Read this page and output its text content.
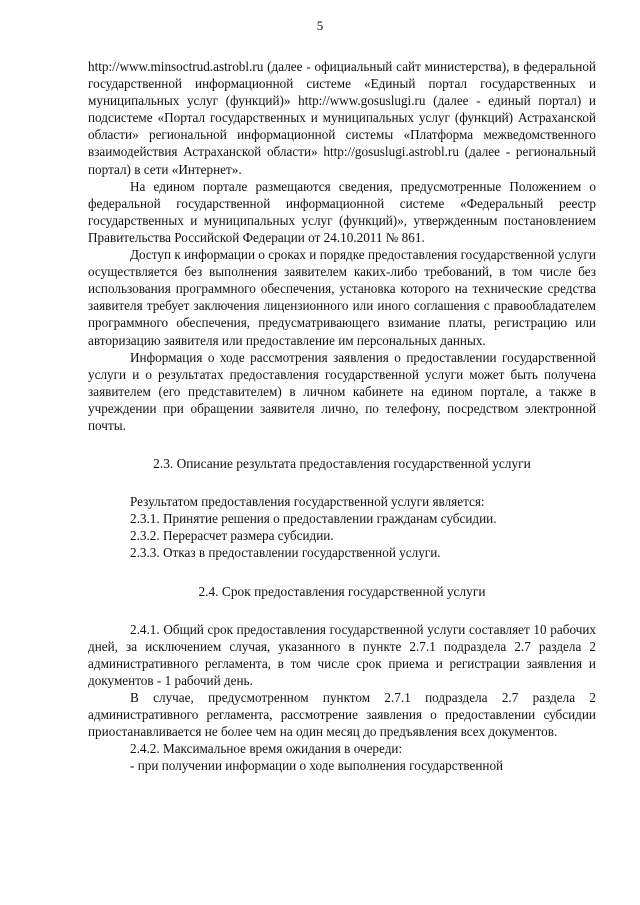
5

http://www.minsoctrud.astrobl.ru (далее - официальный сайт министерства), в федеральной государственной информационной системе «Единый портал государственных и муниципальных услуг (функций)» http://www.gosuslugi.ru (далее - единый портал) и подсистеме «Портал государственных и муниципальных услуг (функций) Астраханской области» региональной информационной системы «Платформа межведомственного взаимодействия Астраханской области» http://gosuslugi.astrobl.ru (далее - региональный портал) в сети «Интернет».

На едином портале размещаются сведения, предусмотренные Положением о федеральной государственной информационной системе «Федеральный реестр государственных и муниципальных услуг (функций)», утвержденным постановлением Правительства Российской Федерации от 24.10.2011 № 861.

Доступ к информации о сроках и порядке предоставления государственной услуги осуществляется без выполнения заявителем каких-либо требований, в том числе без использования программного обеспечения, установка которого на технические средства заявителя требует заключения лицензионного или иного соглашения с правообладателем программного обеспечения, предусматривающего взимание платы, регистрацию или авторизацию заявителя или предоставление им персональных данных.

Информация о ходе рассмотрения заявления о предоставлении государственной услуги и о результатах предоставления государственной услуги может быть получена заявителем (его представителем) в личном кабинете на едином портале, а также в учреждении при обращении заявителя лично, по телефону, посредством электронной почты.

2.3. Описание результата предоставления государственной услуги

Результатом предоставления государственной услуги является:

2.3.1. Принятие решения о предоставлении гражданам субсидии.

2.3.2. Перерасчет размера субсидии.

2.3.3. Отказ в предоставлении государственной услуги.

2.4. Срок предоставления государственной услуги

2.4.1. Общий срок предоставления государственной услуги составляет 10 рабочих дней, за исключением случая, указанного в пункте 2.7.1 подраздела 2.7 раздела 2 административного регламента, в том числе срок приема и регистрации заявления и документов - 1 рабочий день.

В случае, предусмотренном пунктом 2.7.1 подраздела 2.7 раздела 2 административного регламента, рассмотрение заявления о предоставлении субсидии приостанавливается не более чем на один месяц до предъявления всех документов.

2.4.2. Максимальное время ожидания в очереди:

- при получении информации о ходе выполнения государственной
